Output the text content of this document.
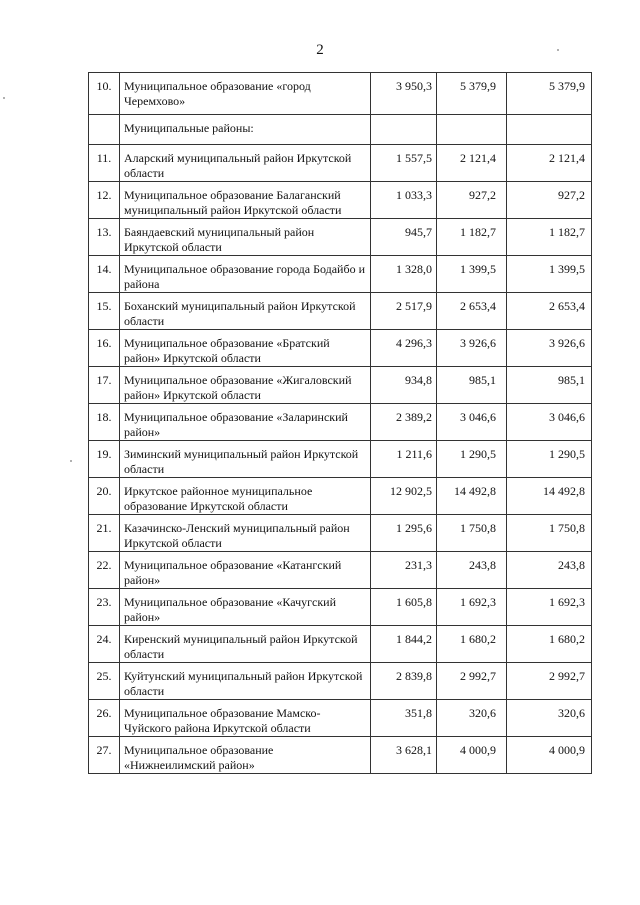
2
10.	Муниципальное образование «город Черемхово»	3 950,3	5 379,9	5 379,9
	Муниципальные районы:			
11.	Аларский муниципальный район Иркутской области	1 557,5	2 121,4	2 121,4
12.	Муниципальное образование Балаганский муниципальный район Иркутской области	1 033,3	927,2	927,2
13.	Баяндаевский муниципальный район Иркутской области	945,7	1 182,7	1 182,7
14.	Муниципальное образование города Бодайбо и района	1 328,0	1 399,5	1 399,5
15.	Боханский муниципальный район Иркутской области	2 517,9	2 653,4	2 653,4
16.	Муниципальное образование «Братский район» Иркутской области	4 296,3	3 926,6	3 926,6
17.	Муниципальное образование «Жигаловский район» Иркутской области	934,8	985,1	985,1
18.	Муниципальное образование «Заларинский район»	2 389,2	3 046,6	3 046,6
19.	Зиминский муниципальный район Иркутской области	1 211,6	1 290,5	1 290,5
20.	Иркутское районное муниципальное образование Иркутской области	12 902,5	14 492,8	14 492,8
21.	Казачинско-Ленский муниципальный район Иркутской области	1 295,6	1 750,8	1 750,8
22.	Муниципальное образование «Катангский район»	231,3	243,8	243,8
23.	Муниципальное образование «Качугский район»	1 605,8	1 692,3	1 692,3
24.	Киренский муниципальный район Иркутской области	1 844,2	1 680,2	1 680,2
25.	Куйтунский муниципальный район Иркутской области	2 839,8	2 992,7	2 992,7
26.	Муниципальное образование Мамско-Чуйского района Иркутской области	351,8	320,6	320,6
27.	Муниципальное образование «Нижнеилимский район»	3 628,1	4 000,9	4 000,9
